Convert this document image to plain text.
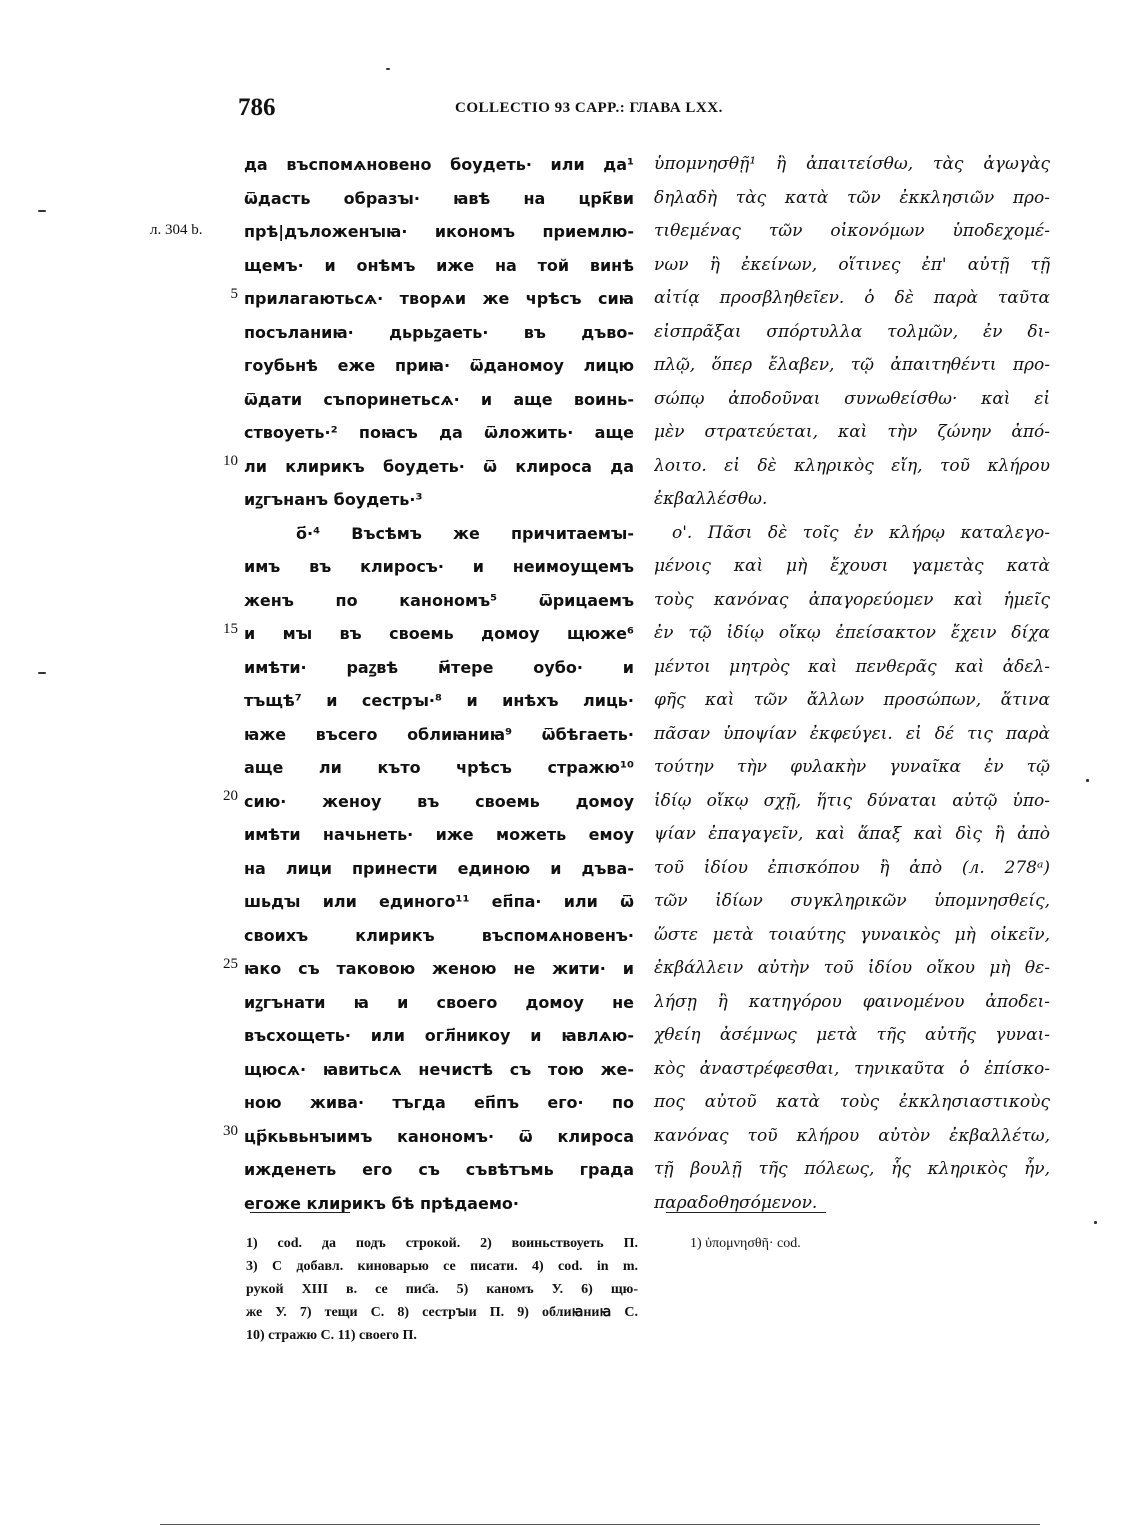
786	COLLECTIO 93 CAPP.: ГЛАВА LXX.
л. 304 b.
5
10
15
20
25
30
да въспомѧновено боудеть· или да¹
ѿдасть образꙑ· ꙗвѣ на црк҃ви
прѣ|дъложенꙑꙗ· икономъ приемлю-
щемъ· и онѣмъ иже на той винѣ
прилагаютьсѧ· творѧи же чрѣсъ сиꙗ
посъланиꙗ· дьрьꙁаеть· въ дъво-
гоубьнѣ еже приꙗ· ѿданомоу лицю
ѿдати съпоринетьсѧ· и аще воинь-
ствоуеть·² поꙗсъ да ѿложить· аще
ли клирикъ боудеть· ѿ клироса да
иꙁгънанъ боудеть·³
о҃·⁴ Въсѣмъ же причитаемꙑ-
имъ въ клиросъ· и неимоущемъ
женъ по канономъ⁵ ѿрицаемъ
и мꙑ въ своемь домоу щюже⁶
имѣти· раꙁвѣ м҃тере оубо· и
тъщѣ⁷ и сестрꙑ·⁸ и инѣхъ лиць·
ꙗже въсего облиꙗниꙗ⁹ ѿбѣгаеть·
аще ли къто чрѣсъ стражю¹⁰
сию· женоу въ своемь домоу
имѣти начьнеть· иже можеть емоу
на лици принести единою и дъва-
шьдꙑ или единого¹¹ еп҃па· или ѿ
своихъ клирикъ въспомѧновенъ·
ꙗко съ таковою женою не жити· и
иꙁгънати ꙗ и своего домоу не
въсхощеть· или огл҃никоу и ꙗвлѧю-
щюсѧ· ꙗвитьсѧ нечистѣ съ тою же-
ною жива· тъгда еп҃пъ его· по
цр҃кьвьнꙑимъ канономъ· ѿ клироса
ижденеть его съ съвѣтъмь града
егоже клирикъ бѣ прѣдаемо·
ὑπομνησθῇ¹ ἢ ἀπαιτείσθω, τὰς ἀγωγὰς
δηλαδὴ τὰς κατὰ τῶν ἐκκλησιῶν προ-
τιθεμένας τῶν οἰκονόμων ὑποδεχομέ-
νων ἢ ἐκείνων, οἵτινες ἐπ' αὐτῇ τῇ
αἰτίᾳ προσβληθεῖεν. ὁ δὲ παρὰ ταῦτα
εἰσπρᾶξαι σπόρτυλλα τολμῶν, ἐν δι-
πλῷ, ὅπερ ἔλαβεν, τῷ ἀπαιτηθέντι προ-
σώπῳ ἀποδοῦναι συνωθείσθω· καὶ εἰ
μὲν στρατεύεται, καὶ τὴν ζώνην ἀπό-
λοιτο. εἰ δὲ κληρικὸς εἴη, τοῦ κλήρου
ἐκβαλλέσθω.
ο'. Πᾶσι δὲ τοῖς ἐν κλήρῳ καταλεγο-
μένοις καὶ μὴ ἔχουσι γαμετὰς κατὰ
τοὺς κανόνας ἀπαγορεύομεν καὶ ἡμεῖς
ἐν τῷ ἰδίῳ οἴκῳ ἐπείσακτον ἔχειν δίχα
μέντοι μητρὸς καὶ πενθερᾶς καὶ ἀδελ-
φῆς καὶ τῶν ἄλλων προσώπων, ἅτινα
πᾶσαν ὑποψίαν ἐκφεύγει. εἰ δέ τις παρὰ
τούτην τὴν φυλακὴν γυναῖκα ἐν τῷ
ἰδίῳ οἴκῳ σχῇ, ἥτις δύναται αὐτῷ ὑπο-
ψίαν ἐπαγαγεῖν, καὶ ἅπαξ καὶ δὶς ἢ ἀπὸ
τοῦ ἰδίου ἐπισκόπου ἢ ἀπὸ (л. 278ᵃ)
τῶν ἰδίων συγκληρικῶν ὑπομνησθείς,
ὥστε μετὰ τοιαύτης γυναικὸς μὴ οἰκεῖν,
ἐκβάλλειν αὐτὴν τοῦ ἰδίου οἴκου μὴ θε-
λήσῃ ἢ κατηγόρου φαινομένου ἀποδει-
χθείη ἀσέμνως μετὰ τῆς αὐτῆς γυναι-
κὸς ἀναστρέφεσθαι, τηνικαῦτα ὁ ἐπίσκο-
πος αὐτοῦ κατὰ τοὺς ἐκκλησιαστικοὺς
κανόνας τοῦ κλήρου αὐτὸν ἐκβαλλέτω,
τῇ βουλῇ τῆς πόλεως, ἧς κληρικὸς ἦν,
παραδοθησόμενον.
1) cod. да подъ строкой. 2) воиньствоуеть П.
3) С добавл. киноварью се писати. 4) cod. in m.
рукой XIII в. се пис҃а. 5) каномъ У. 6) щю-
же У. 7) тещи С. 8) сестрꙑи П. 9) облиꙗниꙗ С.
10) стражю С. 11) своего П.
1) ὑπομνησθῆ· cod.
